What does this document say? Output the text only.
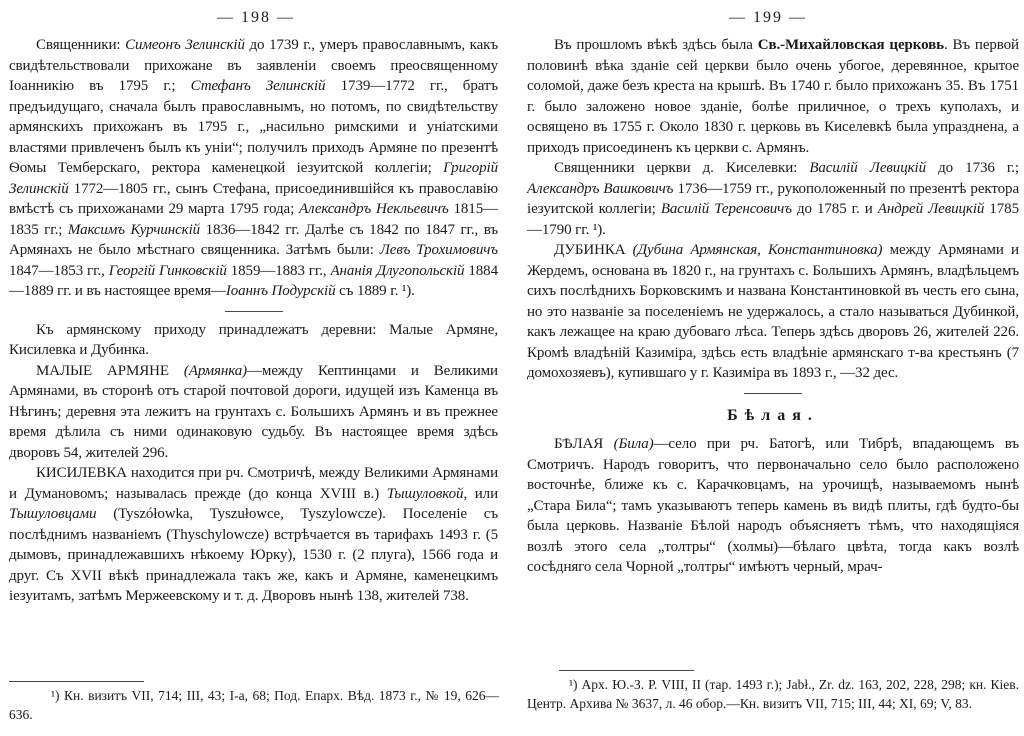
— 198 —

Священники: Симеонъ Зелинскій до 1739 г., умеръ православнымъ, какъ свидѣтельствовали прихожане въ заявленіи своемъ преосвященному Іоанникію въ 1795 г.; Стефанъ Зелинскій 1739—1772 гг., братъ предъидущаго, сначала былъ православнымъ, но потомъ, по свидѣтельству армянскихъ прихожанъ въ 1795 г., „насильно римскими и уніатскими властями привлеченъ былъ къ уніи“; получилъ приходъ Армяне по презентѣ Ѳомы Темберскаго, ректора каменецкой іезуитской коллегіи; Григорій Зелинскій 1772—1805 гг., сынъ Стефана, присоединившійся къ православію вмѣстѣ съ прихожанами 29 марта 1795 года; Александръ Некльевичъ 1815—1835 гг.; Максимъ Курчинскій 1836—1842 гг. Далѣе съ 1842 по 1847 гг., въ Армянахъ не было мѣстнаго священника. Затѣмъ были: Левъ Трохимовичъ 1847—1853 гг., Георгій Гинковскій 1859—1883 гг., Ананія Длугопольскій 1884—1889 гг. и въ настоящее время—Іоаннъ Подурскій съ 1889 г. ¹).

Къ армянскому приходу принадлежатъ деревни: Малые Армяне, Кисилевка и Дубинка.

МАЛЫЕ АРМЯНЕ (Армянка)—между Кептинцами и Великими Армянами, въ сторонѣ отъ старой почтовой дороги, идущей изъ Каменца въ Нѣгинъ; деревня эта лежитъ на грунтахъ с. Большихъ Армянъ и въ прежнее время дѣлила съ ними одинаковую судьбу. Въ настоящее время здѣсь дворовъ 54, жителей 296.

КИСИЛЕВКА находится при рч. Смотричѣ, между Великими Армянами и Думановомъ; называлась прежде (до конца XVIII в.) Тышуловкой, или Тышуловцами (Tyszółowka, Tyszułowce, Tyszylowcze). Поселеніе съ послѣднимъ названіемъ (Thyschylowcze) встрѣчается въ тарифахъ 1493 г. (5 дымовъ, принадлежавшихъ нѣкоему Юрку), 1530 г. (2 плуга), 1566 года и друг. Съ XVII вѣкѣ принадлежала такъ же, какъ и Армяне, каменецкимъ іезуитамъ, затѣмъ Мержеевскому и т. д. Дворовъ нынѣ 138, жителей 738.

¹) Кн. визитъ VII, 714; III, 43; I-а, 68; Под. Епарх. Вѣд. 1873 г., № 19, 626—636.

— 199 —

Въ прошломъ вѣкѣ здѣсь была Св.-Михайловская церковь. Въ первой половинѣ вѣка зданіе сей церкви было очень убогое, деревянное, крытое соломой, даже безъ креста на крышѣ. Въ 1740 г. было прихожанъ 35. Въ 1751 г. было заложено новое зданіе, болѣе приличное, о трехъ куполахъ, и освящено въ 1755 г. Около 1830 г. церковь въ Киселевкѣ была упразднена, а приходъ присоединенъ къ церкви с. Армянъ.

Священники церкви д. Киселевки: Василій Левицкій до 1736 г.; Александръ Вашковичъ 1736—1759 гг., рукоположенный по презентѣ ректора іезуитской коллегіи; Василій Теренсовичъ до 1785 г. и Андрей Левицкій 1785—1790 гг. ¹).

ДУБИНКА (Дубина Армянская, Константиновка) между Армянами и Жердемъ, основана въ 1820 г., на грунтахъ с. Большихъ Армянъ, владѣльцемъ сихъ послѣднихъ Борковскимъ и названа Константиновкой въ честь его сына, но это названіе за поселеніемъ не удержалось, а стало называться Дубинкой, какъ лежащее на краю дубоваго лѣса. Теперь здѣсь дворовъ 26, жителей 226. Кромѣ владѣній Казиміра, здѣсь есть владѣніе армянскаго т-ва крестьянъ (7 домохозяевъ), купившаго у г. Казиміра въ 1893 г., —32 дес.

Бѣлая.

БѢЛАЯ (Била)—село при рч. Батогѣ, или Тибрѣ, впадающемъ въ Смотричъ. Народъ говоритъ, что первоначально село было расположено восточнѣе, ближе къ с. Карачковцамъ, на урочищѣ, называемомъ нынѣ „Стара Била“; тамъ указываютъ теперь камень въ видѣ плиты, гдѣ будто-бы была церковь. Названіе Бѣлой народъ объясняетъ тѣмъ, что находящіяся возлѣ этого села „толтры“ (холмы)—бѣлаго цвѣта, тогда какъ возлѣ сосѣдняго села Чорной „толтры“ имѣютъ черный, мрач-

¹) Арх. Ю.-З. Р. VIII, II (тар. 1493 г.); Jabł., Zr. dz. 163, 202, 228, 298; кн. Кіев. Центр. Архива № 3637, л. 46 обор.—Кн. визитъ VII, 715; III, 44; XI, 69; V, 83.
